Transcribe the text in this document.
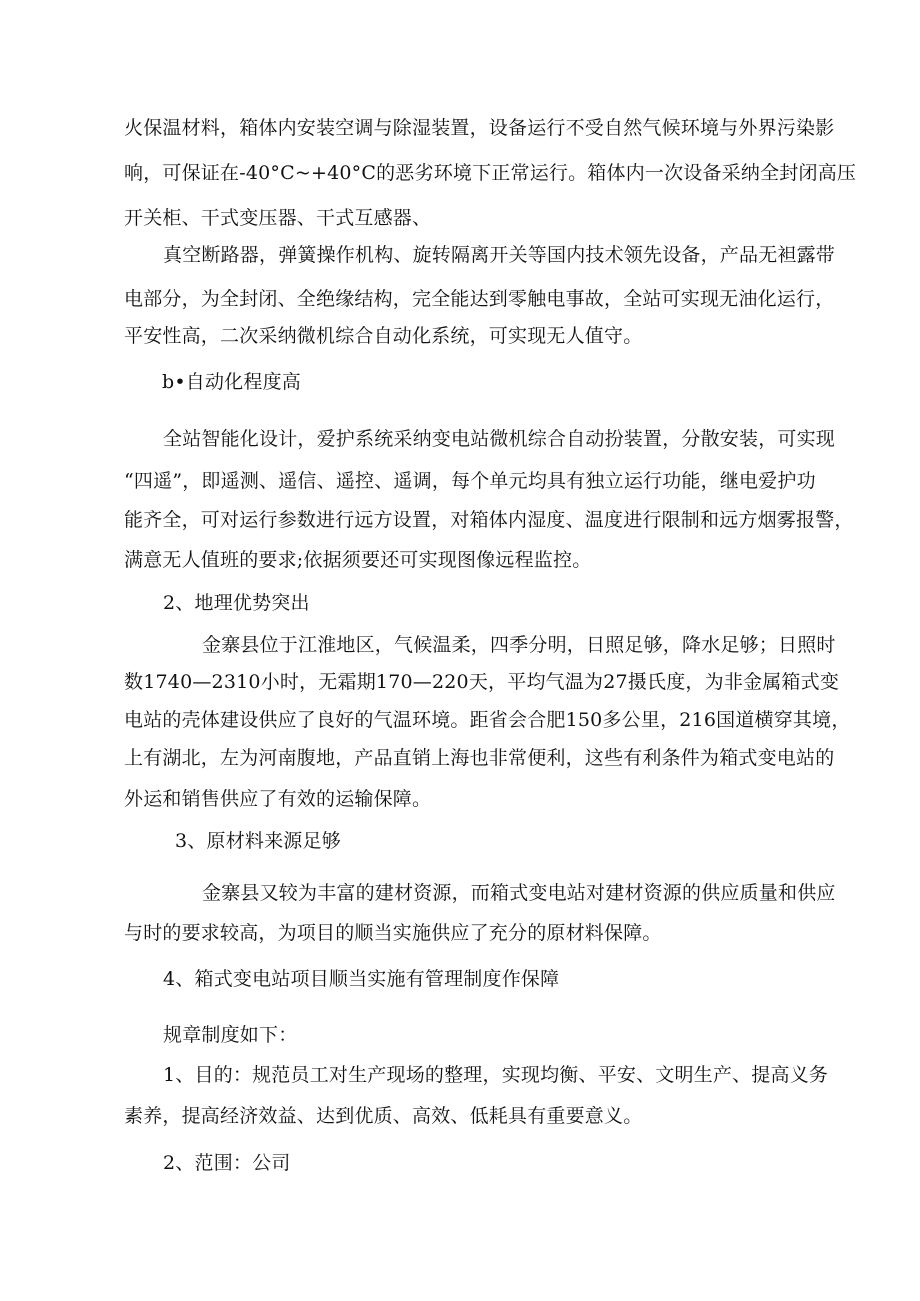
火保温材料，箱体内安装空调与除湿装置，设备运行不受自然气候环境与外界污染影
响，可保证在-40°C~+40°C的恶劣环境下正常运行。箱体内一次设备采纳全封闭高压
开关柜、干式变压器、干式互感器、
真空断路器，弹簧操作机构、旋转隔离开关等国内技术领先设备，产品无袒露带
电部分，为全封闭、全绝缘结构，完全能达到零触电事故，全站可实现无油化运行，
平安性高，二次采纳微机综合自动化系统，可实现无人值守。
b•自动化程度高
全站智能化设计，爱护系统采纳变电站微机综合自动扮装置，分散安装，可实现
“四遥”，即遥测、遥信、遥控、遥调，每个单元均具有独立运行功能，继电爱护功
能齐全，可对运行参数进行远方设置，对箱体内湿度、温度进行限制和远方烟雾报警，
满意无人值班的要求;依据须要还可实现图像远程监控。
2、地理优势突出
金寨县位于江淮地区，气候温柔，四季分明，日照足够，降水足够；日照时
数1740—2310小时，无霜期170—220天，平均气温为27摄氏度，为非金属箱式变
电站的壳体建设供应了良好的气温环境。距省会合肥150多公里，216国道横穿其境，
上有湖北，左为河南腹地，产品直销上海也非常便利，这些有利条件为箱式变电站的
外运和销售供应了有效的运输保障。
3、原材料来源足够
金寨县又较为丰富的建材资源，而箱式变电站对建材资源的供应质量和供应
与时的要求较高，为项目的顺当实施供应了充分的原材料保障。
4、箱式变电站项目顺当实施有管理制度作保障
规章制度如下：
1、目的：规范员工对生产现场的整理，实现均衡、平安、文明生产、提高义务
素养，提高经济效益、达到优质、高效、低耗具有重要意义。
2、范围：公司
